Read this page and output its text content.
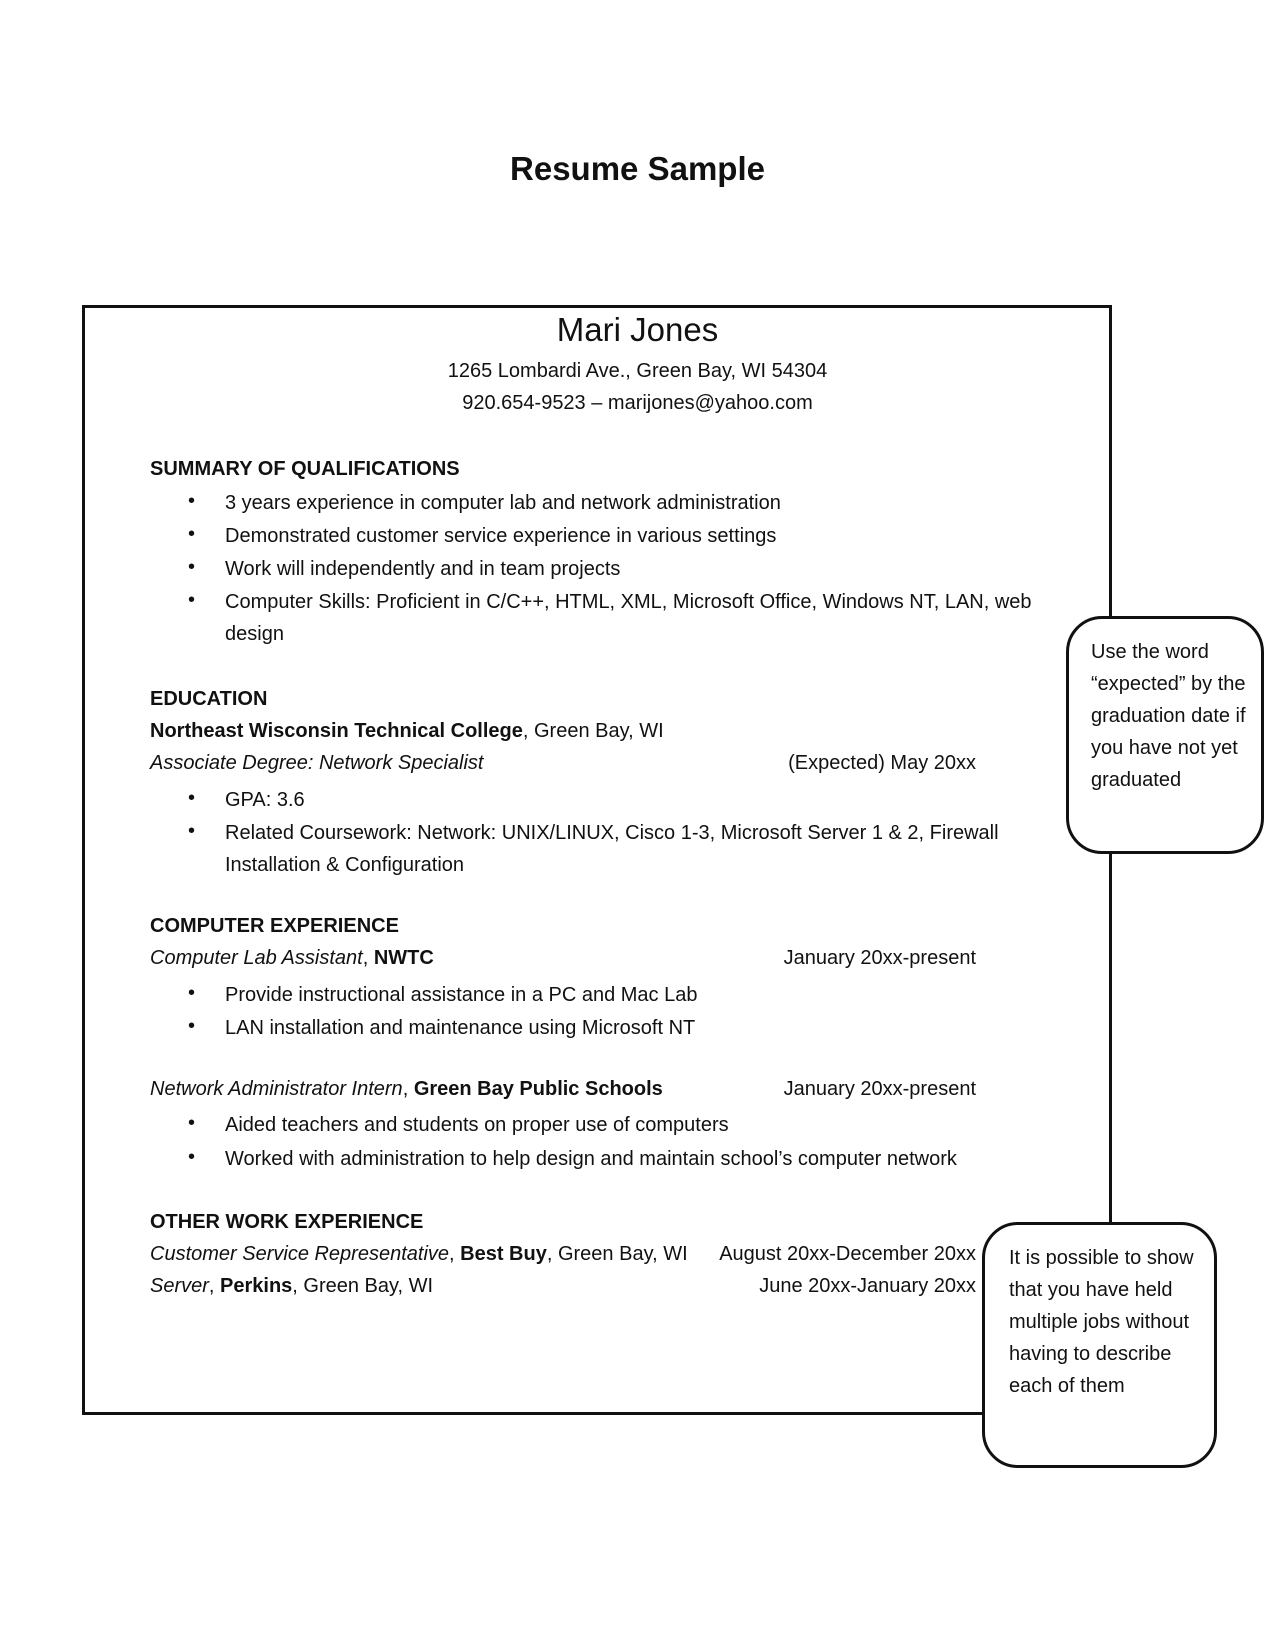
Resume Sample
Mari Jones
1265 Lombardi Ave., Green Bay, WI 54304
920.654-9523 – marijones@yahoo.com
SUMMARY OF QUALIFICATIONS
• 3 years experience in computer lab and network administration
• Demonstrated customer service experience in various settings
• Work will independently and in team projects
• Computer Skills: Proficient in C/C++, HTML, XML, Microsoft Office, Windows NT, LAN, web design
EDUCATION
Northeast Wisconsin Technical College, Green Bay, WI
Associate Degree: Network Specialist	(Expected) May 20xx
• GPA: 3.6
• Related Coursework: Network: UNIX/LINUX, Cisco 1-3, Microsoft Server 1 & 2, Firewall Installation & Configuration
COMPUTER EXPERIENCE
Computer Lab Assistant, NWTC	January 20xx-present
• Provide instructional assistance in a PC and Mac Lab
• LAN installation and maintenance using Microsoft NT
Network Administrator Intern, Green Bay Public Schools	January 20xx-present
• Aided teachers and students on proper use of computers
• Worked with administration to help design and maintain school’s computer network
OTHER WORK EXPERIENCE
Customer Service Representative, Best Buy, Green Bay, WI August 20xx-December 20xx
Server, Perkins, Green Bay, WI	June 20xx-January 20xx
Use the word “expected” by the graduation date if you have not yet graduated
It is possible to show that you have held multiple jobs without having to describe each of them
